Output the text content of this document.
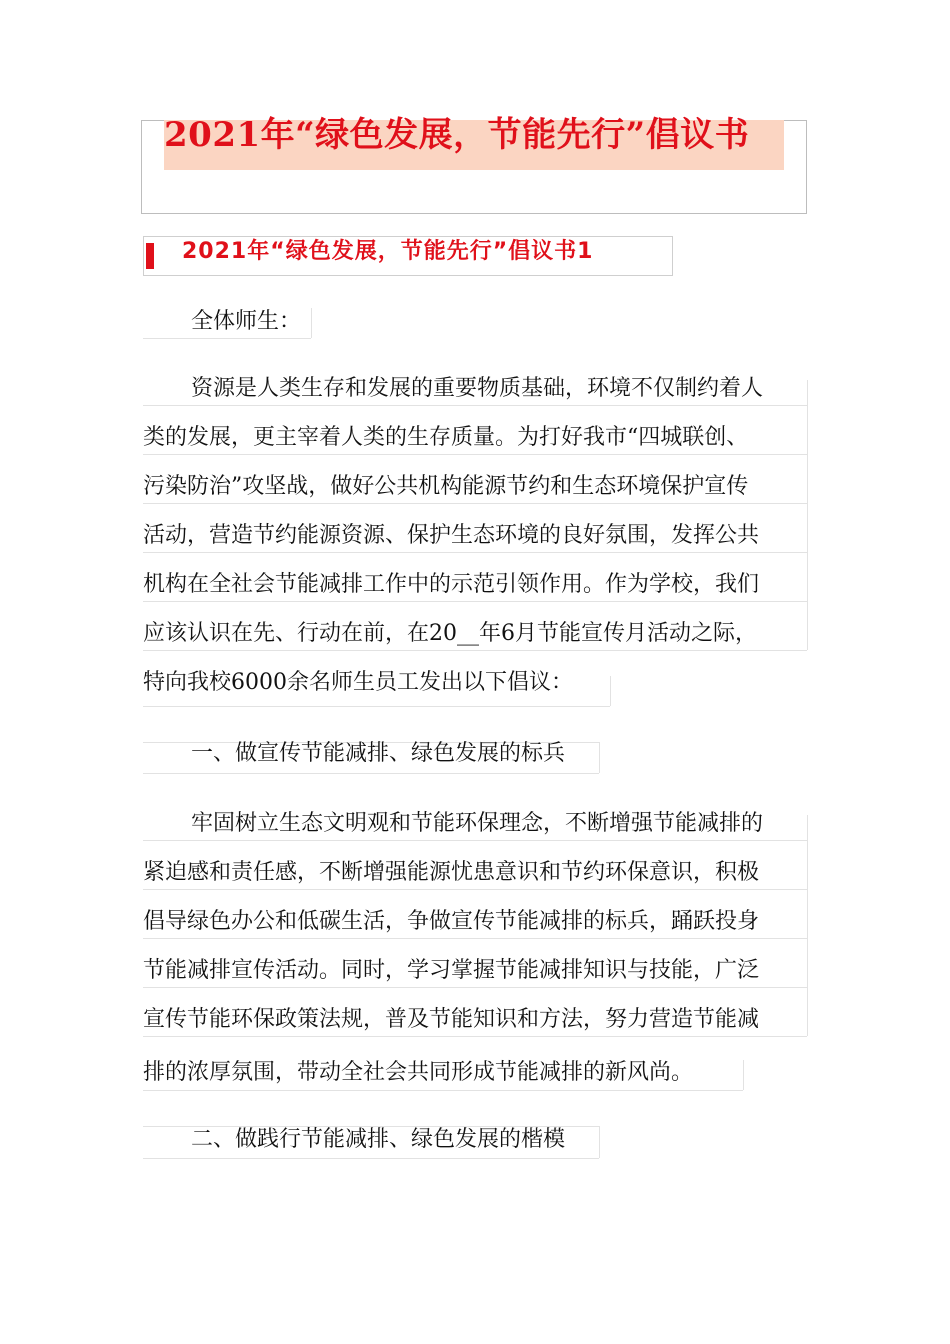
2021年“绿色发展，节能先行”倡议书
2021年“绿色发展，节能先行”倡议书1
全体师生：
资源是人类生存和发展的重要物质基础，环境不仅制约着人
类的发展，更主宰着人类的生存质量。为打好我市“四城联创、
污染防治”攻坚战，做好公共机构能源节约和生态环境保护宣传
活动，营造节约能源资源、保护生态环境的良好氛围，发挥公共
机构在全社会节能减排工作中的示范引领作用。作为学校，我们
应该认识在先、行动在前，在20__年6月节能宣传月活动之际，
特向我校6000余名师生员工发出以下倡议：
一、做宣传节能减排、绿色发展的标兵
牢固树立生态文明观和节能环保理念，不断增强节能减排的
紧迫感和责任感，不断增强能源忧患意识和节约环保意识，积极
倡导绿色办公和低碳生活，争做宣传节能减排的标兵，踊跃投身
节能减排宣传活动。同时，学习掌握节能减排知识与技能，广泛
宣传节能环保政策法规，普及节能知识和方法，努力营造节能减
排的浓厚氛围，带动全社会共同形成节能减排的新风尚。
二、做践行节能减排、绿色发展的楷模
